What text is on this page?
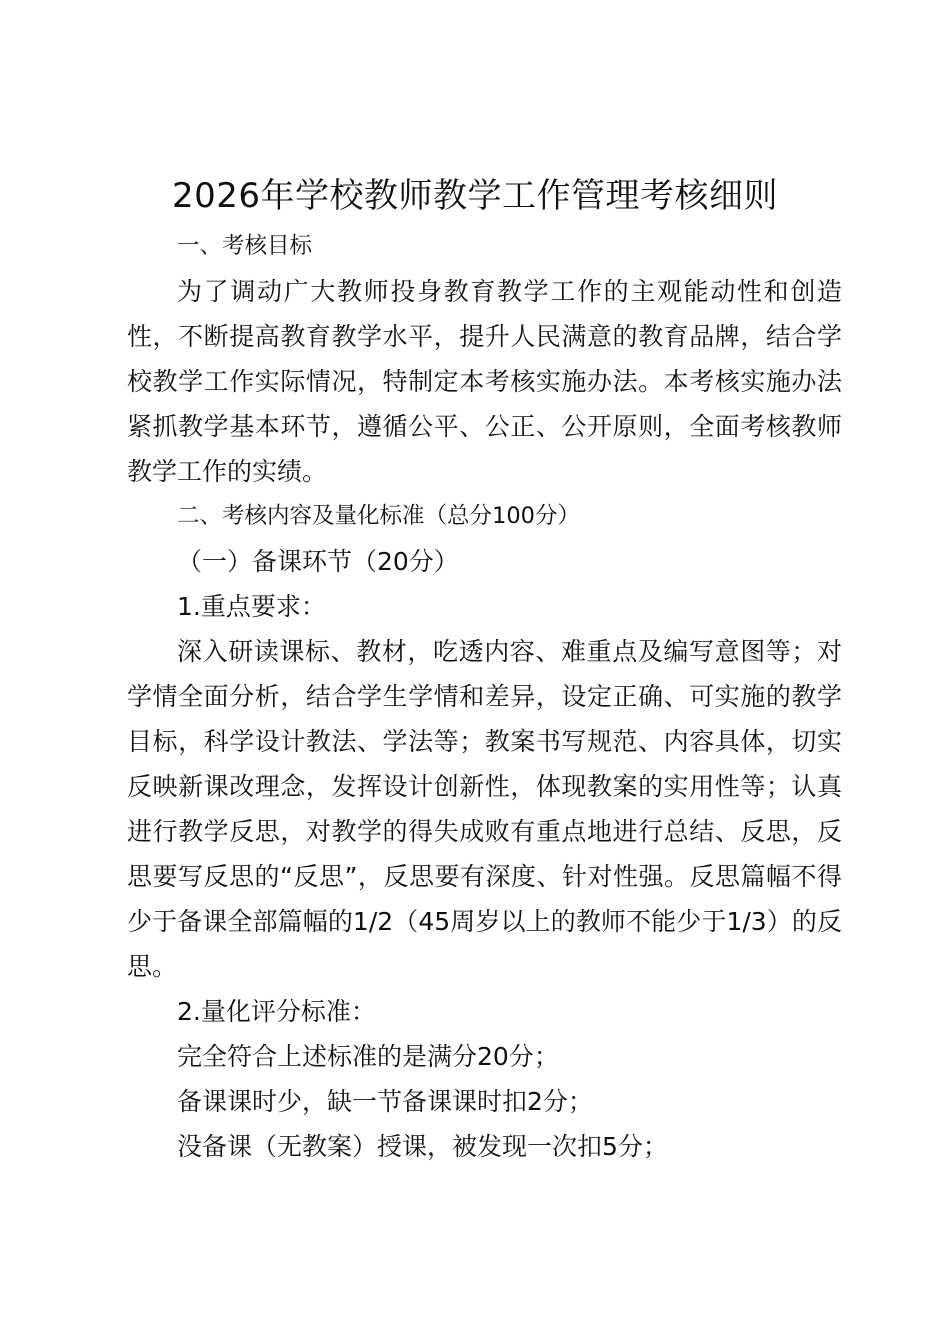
2026年学校教师教学工作管理考核细则

一、考核目标

为了调动广大教师投身教育教学工作的主观能动性和创造性，不断提高教育教学水平，提升人民满意的教育品牌，结合学校教学工作实际情况，特制定本考核实施办法。本考核实施办法紧抓教学基本环节，遵循公平、公正、公开原则，全面考核教师教学工作的实绩。

二、考核内容及量化标准（总分100分）

（一）备课环节（20分）

1.重点要求：

深入研读课标、教材，吃透内容、难重点及编写意图等；对学情全面分析，结合学生学情和差异，设定正确、可实施的教学目标，科学设计教法、学法等；教案书写规范、内容具体，切实反映新课改理念，发挥设计创新性，体现教案的实用性等；认真进行教学反思，对教学的得失成败有重点地进行总结、反思，反思要写反思的“反思”，反思要有深度、针对性强。反思篇幅不得少于备课全部篇幅的1/2（45周岁以上的教师不能少于1/3）的反思。

2.量化评分标准：

完全符合上述标准的是满分20分；

备课课时少，缺一节备课课时扣2分；

没备课（无教案）授课，被发现一次扣5分；
